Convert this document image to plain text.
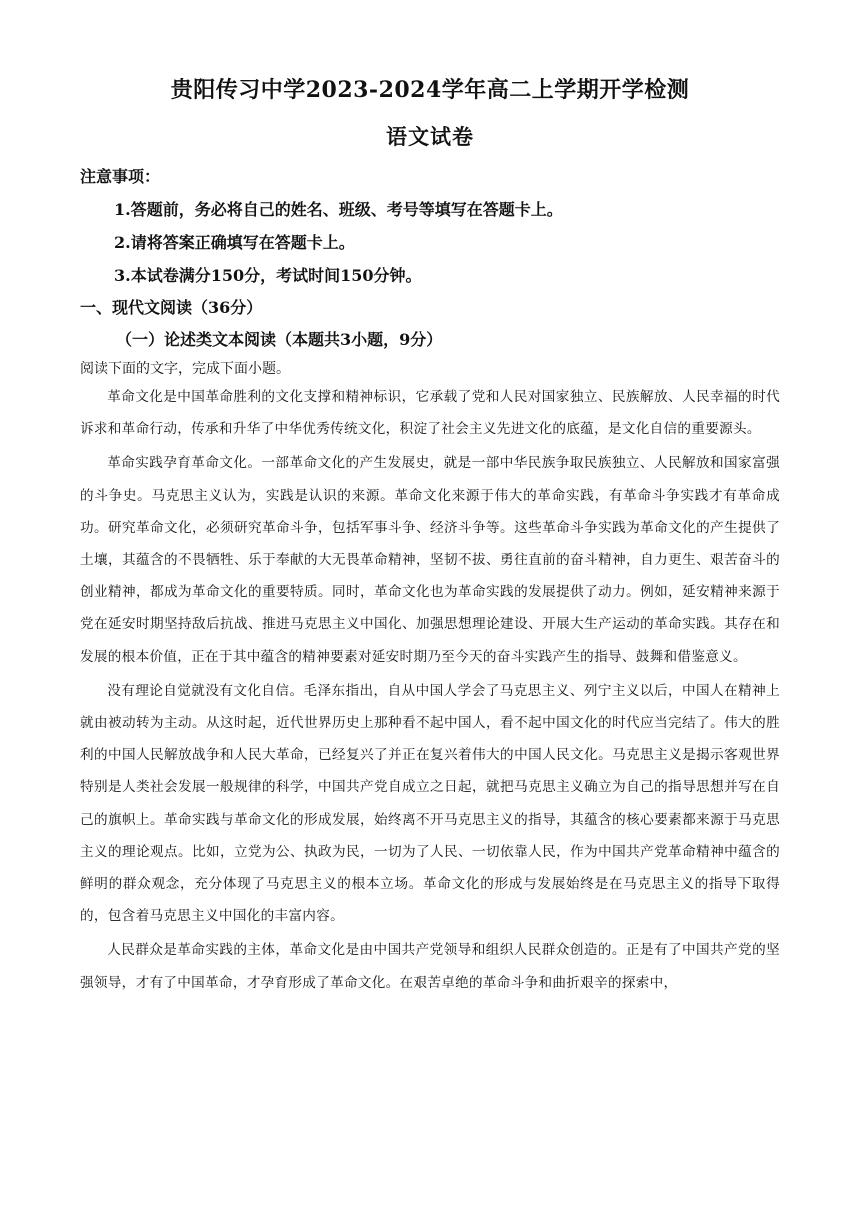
贵阳传习中学2023-2024学年高二上学期开学检测
语文试卷
注意事项：
1.答题前，务必将自己的姓名、班级、考号等填写在答题卡上。
2.请将答案正确填写在答题卡上。
3.本试卷满分150分，考试时间150分钟。
一、现代文阅读（36分）
（一）论述类文本阅读（本题共3小题，9分）
阅读下面的文字，完成下面小题。

革命文化是中国革命胜利的文化支撑和精神标识，它承载了党和人民对国家独立、民族解放、人民幸福的时代诉求和革命行动，传承和升华了中华优秀传统文化，积淀了社会主义先进文化的底蕴，是文化自信的重要源头。

革命实践孕育革命文化。一部革命文化的产生发展史，就是一部中华民族争取民族独立、人民解放和国家富强的斗争史。马克思主义认为，实践是认识的来源。革命文化来源于伟大的革命实践，有革命斗争实践才有革命成功。研究革命文化，必须研究革命斗争，包括军事斗争、经济斗争等。这些革命斗争实践为革命文化的产生提供了土壤，其蕴含的不畏牺牲、乐于奉献的大无畏革命精神，坚韧不拔、勇往直前的奋斗精神，自力更生、艰苦奋斗的创业精神，都成为革命文化的重要特质。同时，革命文化也为革命实践的发展提供了动力。例如，延安精神来源于党在延安时期坚持敌后抗战、推进马克思主义中国化、加强思想理论建设、开展大生产运动的革命实践。其存在和发展的根本价值，正在于其中蕴含的精神要素对延安时期乃至今天的奋斗实践产生的指导、鼓舞和借鉴意义。

没有理论自觉就没有文化自信。毛泽东指出，自从中国人学会了马克思主义、列宁主义以后，中国人在精神上就由被动转为主动。从这时起，近代世界历史上那种看不起中国人，看不起中国文化的时代应当完结了。伟大的胜利的中国人民解放战争和人民大革命，已经复兴了并正在复兴着伟大的中国人民文化。马克思主义是揭示客观世界特别是人类社会发展一般规律的科学，中国共产党自成立之日起，就把马克思主义确立为自己的指导思想并写在自己的旗帜上。革命实践与革命文化的形成发展，始终离不开马克思主义的指导，其蕴含的核心要素都来源于马克思主义的理论观点。比如，立党为公、执政为民，一切为了人民、一切依靠人民，作为中国共产党革命精神中蕴含的鲜明的群众观念，充分体现了马克思主义的根本立场。革命文化的形成与发展始终是在马克思主义的指导下取得的，包含着马克思主义中国化的丰富内容。

人民群众是革命实践的主体，革命文化是由中国共产党领导和组织人民群众创造的。正是有了中国共产党的坚强领导，才有了中国革命，才孕育形成了革命文化。在艰苦卓绝的革命斗争和曲折艰辛的探索中，
